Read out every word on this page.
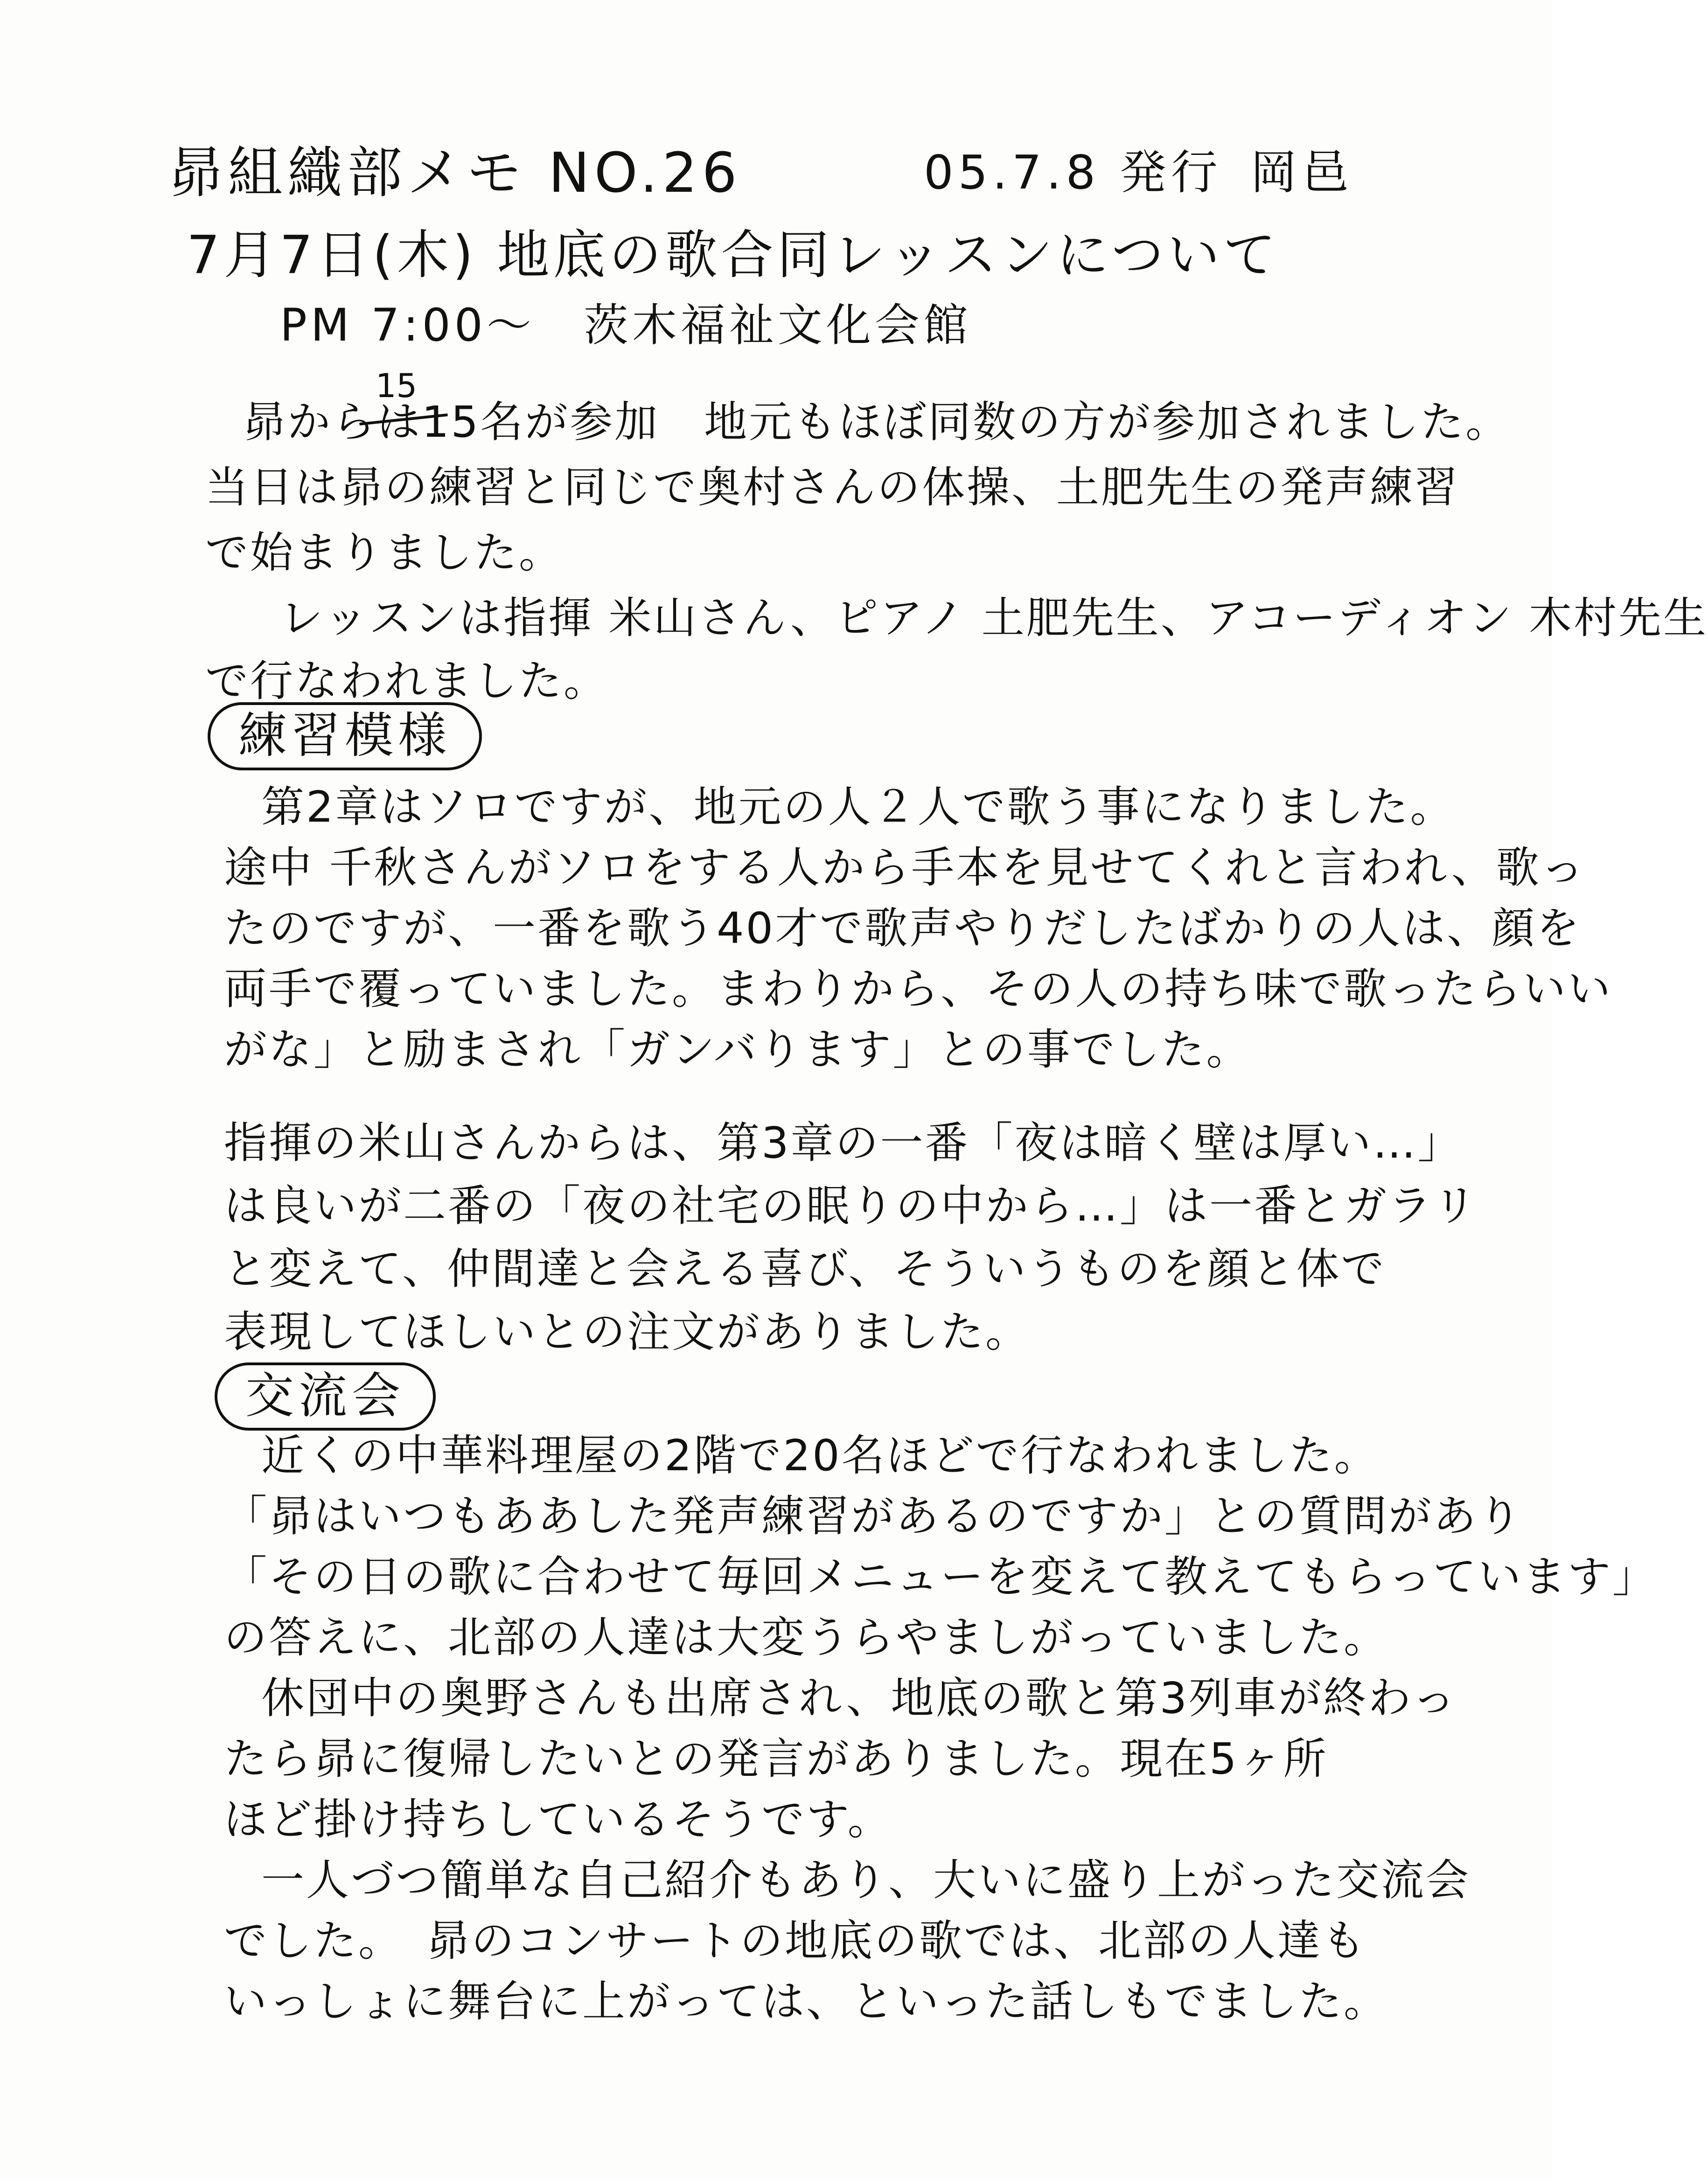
昴組織部メモ NO.26	05.7.8 発行 岡邑
7月7日(木) 地底の歌合同レッスンについて
PM 7:00〜　茨木福祉文化会館
15
昴からは15名が参加　地元もほぼ同数の方が参加されました。
当日は昴の練習と同じで奥村さんの体操、土肥先生の発声練習
で始まりました。
レッスンは指揮 米山さん、ピアノ 土肥先生、アコーディオン 木村先生
で行なわれました。
練習模様
第2章はソロですが、地元の人２人で歌う事になりました。
途中 千秋さんがソロをする人から手本を見せてくれと言われ、歌っ
たのですが、一番を歌う40才で歌声やりだしたばかりの人は、顔を
両手で覆っていました。まわりから、その人の持ち味で歌ったらいい
がな」と励まされ「ガンバります」との事でした。
指揮の米山さんからは、第3章の一番「夜は暗く壁は厚い…」
は良いが二番の「夜の社宅の眠りの中から…」は一番とガラリ
と変えて、仲間達と会える喜び、そういうものを顔と体で
表現してほしいとの注文がありました。
交流会
近くの中華料理屋の2階で20名ほどで行なわれました。
「昴はいつもああした発声練習があるのですか」との質問があり
「その日の歌に合わせて毎回メニューを変えて教えてもらっています」
の答えに、北部の人達は大変うらやましがっていました。
休団中の奥野さんも出席され、地底の歌と第3列車が終わっ
たら昴に復帰したいとの発言がありました。現在5ヶ所
ほど掛け持ちしているそうです。
一人づつ簡単な自己紹介もあり、大いに盛り上がった交流会
でした。　昴のコンサートの地底の歌では、北部の人達も
いっしょに舞台に上がっては、といった話しもでました。
